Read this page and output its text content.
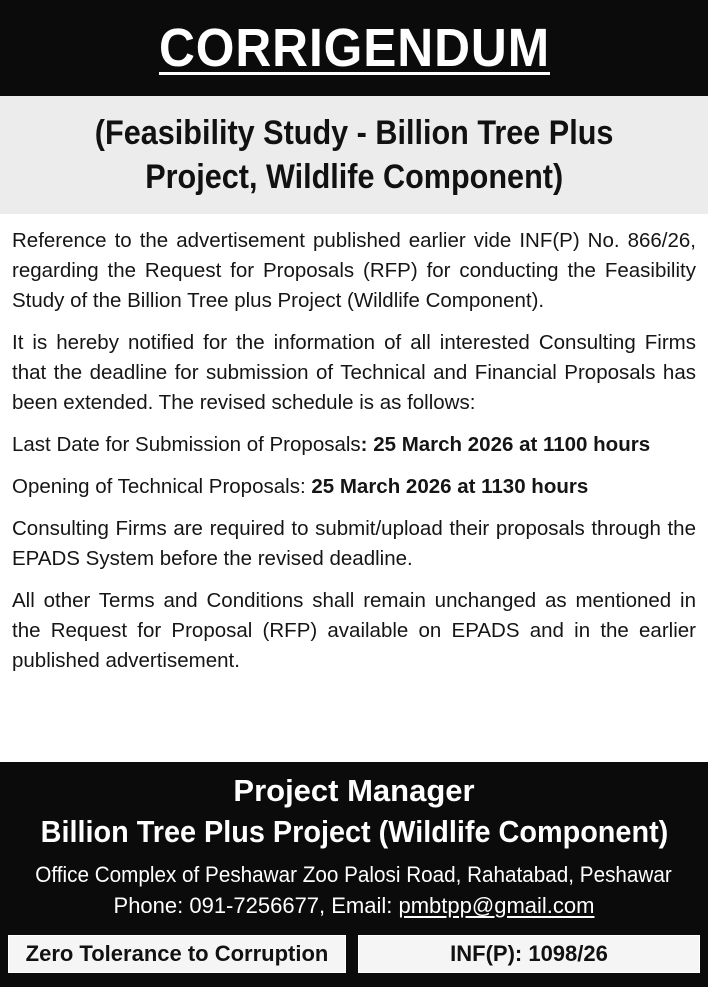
CORRIGENDUM
(Feasibility Study - Billion Tree Plus
Project, Wildlife Component)

Reference to the advertisement published earlier vide INF(P) No. 866/26, regarding the Request for Proposals (RFP) for conducting the Feasibility Study of the Billion Tree plus Project (Wildlife Component).

It is hereby notified for the information of all interested Consulting Firms that the deadline for submission of Technical and Financial Proposals has been extended. The revised schedule is as follows:

Last Date for Submission of Proposals: 25 March 2026 at 1100 hours

Opening of Technical Proposals: 25 March 2026 at 1130 hours

Consulting Firms are required to submit/upload their proposals through the EPADS System before the revised deadline.

All other Terms and Conditions shall remain unchanged as mentioned in the Request for Proposal (RFP) available on EPADS and in the earlier published advertisement.

Project Manager
Billion Tree Plus Project (Wildlife Component)
Office Complex of Peshawar Zoo Palosi Road, Rahatabad, Peshawar
Phone: 091-7256677, Email: pmbtpp@gmail.com
Zero Tolerance to Corruption	INF(P): 1098/26
